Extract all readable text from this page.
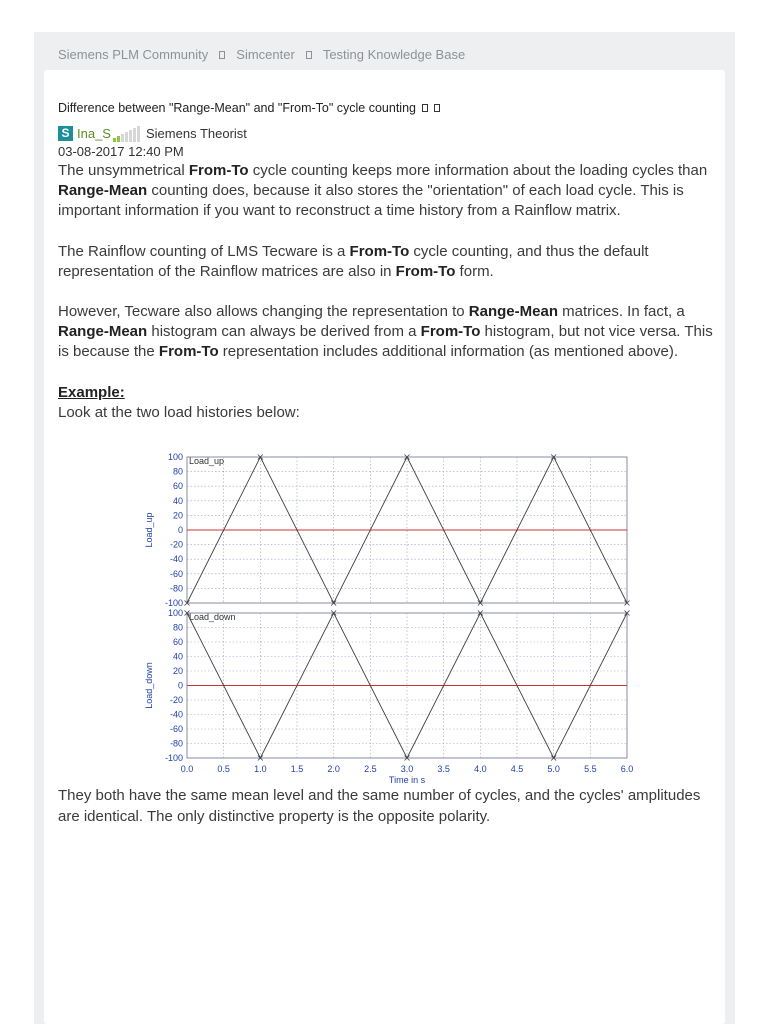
Siemens PLM Community Simcenter Testing Knowledge Base
Difference between "Range-Mean" and "From-To" cycle counting
S Ina_S	Siemens Theorist
03-08-2017 12:40 PM

The unsymmetrical From-To cycle counting keeps more information about the loading cycles than Range-Mean counting does, because it also stores the "orientation" of each load cycle. This is important information if you want to reconstruct a time history from a Rainflow matrix.

The Rainflow counting of LMS Tecware is a From-To cycle counting, and thus the default representation of the Rainflow matrices are also in From-To form.

However, Tecware also allows changing the representation to Range-Mean matrices. In fact, a Range-Mean histogram can always be derived from a From-To histogram, but not vice versa. This is because the From-To representation includes additional information (as mentioned above).

Example:
Look at the two load histories below:
100
80
60
40
20
0
-20
-40
-60
-80
-100
Load_up
Load_up
100
80
60
40
20
0
-20
-40
-60
-80
-100
Load_down
Load_down
0.0	0.5	1.0	1.5	2.0	2.5	3.0	3.5	4.0	4.5	5.0	5.5	6.0
Time in s
They both have the same mean level and the same number of cycles, and the cycles' amplitudes are identical. The only distinctive property is the opposite polarity.
